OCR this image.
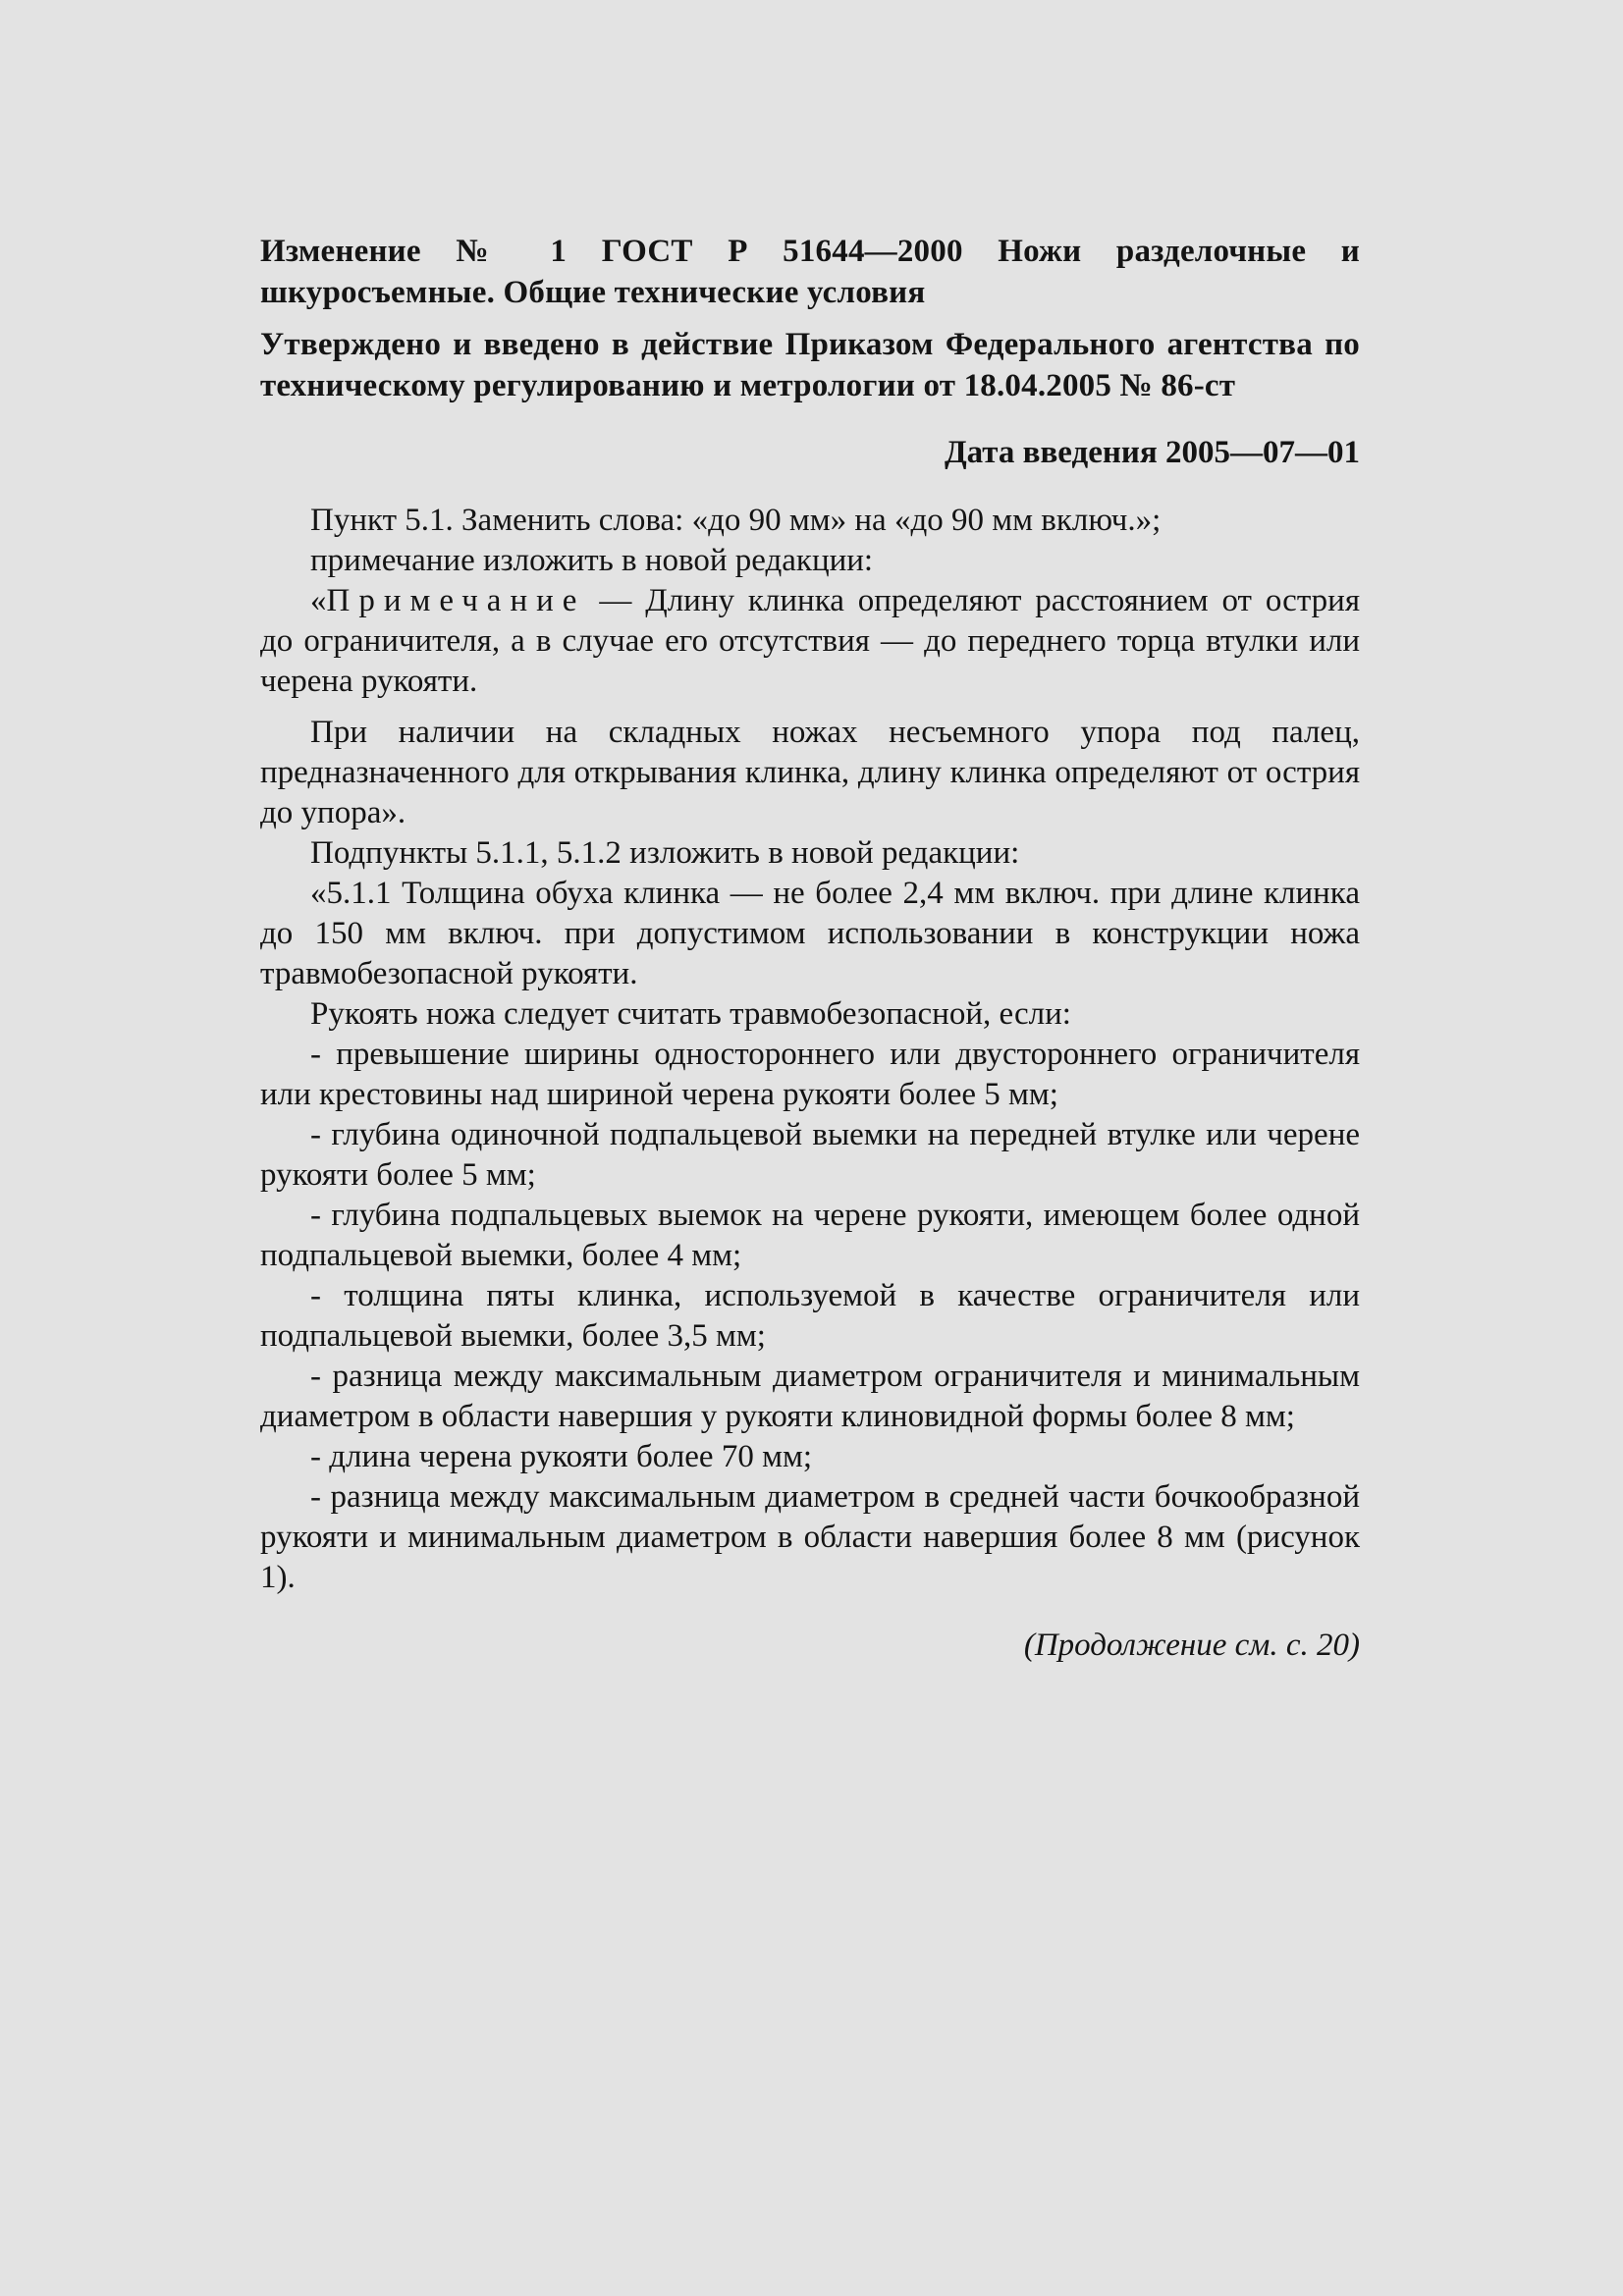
Изменение № 1 ГОСТ Р 51644—2000 Ножи разделочные и шкуросъемные. Общие технические условия

Утверждено и введено в действие Приказом Федерального агентства по техническому регулированию и метрологии от 18.04.2005 № 86-ст

Дата введения 2005—07—01

Пункт 5.1. Заменить слова: «до 90 мм» на «до 90 мм включ.»;

примечание изложить в новой редакции:

«Примечание — Длину клинка определяют расстоянием от острия до ограничителя, а в случае его отсутствия — до переднего торца втулки или черена рукояти.

При наличии на складных ножах несъемного упора под палец, предназначенного для открывания клинка, длину клинка определяют от острия до упора».

Подпункты 5.1.1, 5.1.2 изложить в новой редакции:

«5.1.1 Толщина обуха клинка — не более 2,4 мм включ. при длине клинка до 150 мм включ. при допустимом использовании в конструкции ножа травмобезопасной рукояти.

Рукоять ножа следует считать травмобезопасной, если:

- превышение ширины одностороннего или двустороннего ограничителя или крестовины над шириной черена рукояти более 5 мм;

- глубина одиночной подпальцевой выемки на передней втулке или черене рукояти более 5 мм;

- глубина подпальцевых выемок на черене рукояти, имеющем более одной подпальцевой выемки, более 4 мм;

- толщина пяты клинка, используемой в качестве ограничителя или подпальцевой выемки, более 3,5 мм;

- разница между максимальным диаметром ограничителя и минимальным диаметром в области навершия у рукояти клиновидной формы более 8 мм;

- длина черена рукояти более 70 мм;

- разница между максимальным диаметром в средней части бочкообразной рукояти и минимальным диаметром в области навершия более 8 мм (рисунок 1).

(Продолжение см. с. 20)
